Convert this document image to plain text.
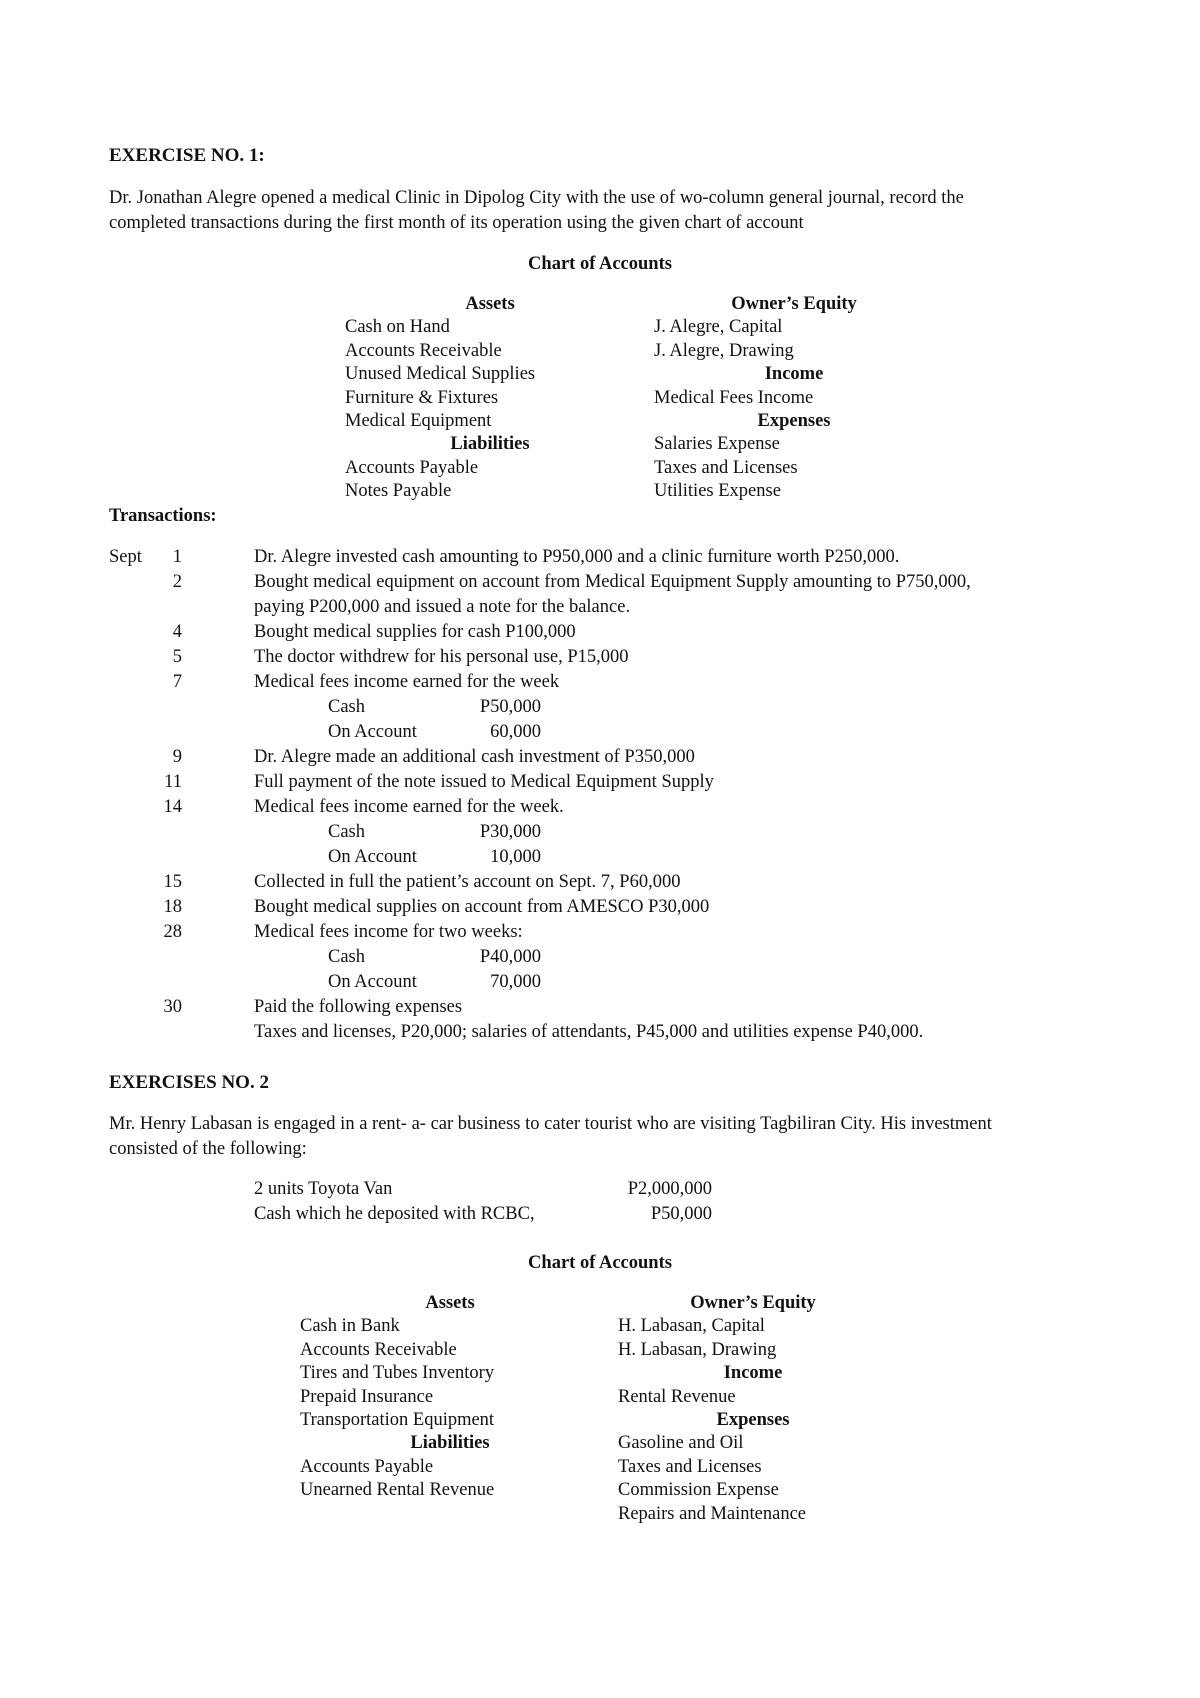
EXERCISE NO. 1:
Dr. Jonathan Alegre opened a medical Clinic in Dipolog City with the use of wo-column general journal, record the
completed transactions during the first month of its operation using the given chart of account
Chart of Accounts
Assets
Cash on Hand
Accounts Receivable
Unused Medical Supplies
Furniture & Fixtures
Medical Equipment
Liabilities
Accounts Payable
Notes Payable
Owner’s Equity
J. Alegre, Capital
J. Alegre, Drawing
Income
Medical Fees Income
Expenses
Salaries Expense
Taxes and Licenses
Utilities Expense
Transactions:
Sept	1	Dr. Alegre invested cash amounting to P950,000 and a clinic furniture worth P250,000.
2	Bought medical equipment on account from Medical Equipment Supply amounting to P750,000,
paying P200,000 and issued a note for the balance.
4	Bought medical supplies for cash P100,000
5	The doctor withdrew for his personal use, P15,000
7	Medical fees income earned for the week
Cash	P50,000
On Account	60,000
9	Dr. Alegre made an additional cash investment of P350,000
11	Full payment of the note issued to Medical Equipment Supply
14	Medical fees income earned for the week.
Cash	P30,000
On Account	10,000
15	Collected in full the patient’s account on Sept. 7, P60,000
18	Bought medical supplies on account from AMESCO P30,000
28	Medical fees income for two weeks:
Cash	P40,000
On Account	70,000
30	Paid the following expenses
Taxes and licenses, P20,000; salaries of attendants, P45,000 and utilities expense P40,000.
EXERCISES NO. 2
Mr. Henry Labasan is engaged in a rent- a- car business to cater tourist who are visiting Tagbiliran City. His investment
consisted of the following:
2 units Toyota Van	P2,000,000
Cash which he deposited with RCBC,	P50,000
Chart of Accounts
Assets
Cash in Bank
Accounts Receivable
Tires and Tubes Inventory
Prepaid Insurance
Transportation Equipment
Liabilities
Accounts Payable
Unearned Rental Revenue
Owner’s Equity
H. Labasan, Capital
H. Labasan, Drawing
Income
Rental Revenue
Expenses
Gasoline and Oil
Taxes and Licenses
Commission Expense
Repairs and Maintenance
